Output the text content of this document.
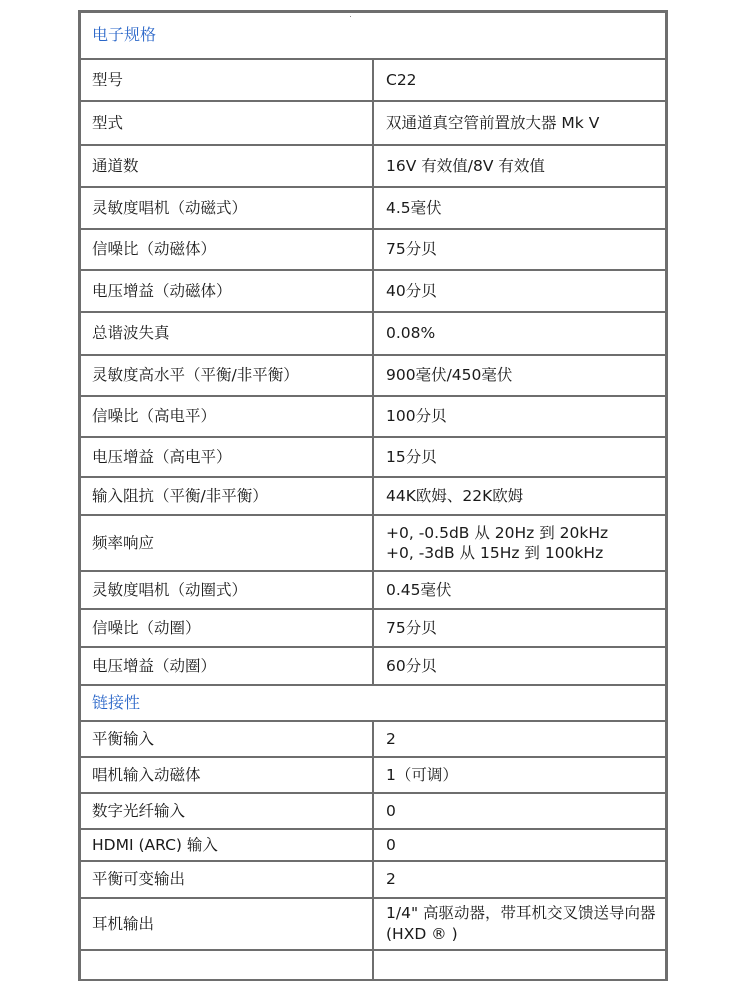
电子规格	
型号	C22
型式	双通道真空管前置放大器 Mk V
通道数	16V 有效值/8V 有效值
灵敏度唱机（动磁式）	4.5毫伏
信噪比（动磁体）	75分贝
电压增益（动磁体）	40分贝
总谐波失真	0.08%
灵敏度高水平（平衡/非平衡）	900毫伏/450毫伏
信噪比（高电平）	100分贝
电压增益（高电平）	15分贝
输入阻抗（平衡/非平衡）	44K欧姆、22K欧姆
频率响应	+0, -0.5dB 从 20Hz 到 20kHz
+0, -3dB 从 15Hz 到 100kHz

灵敏度唱机（动圈式）	0.45毫伏
信噪比（动圈）	75分贝
电压增益（动圈）	60分贝
链接性	
平衡输入	2
唱机输入动磁体	1（可调）
数字光纤输入	0
HDMI (ARC) 输入	0
平衡可变输出	2
耳机输出	1/4" 高驱动器，带耳机交叉馈送导向器 (HXD ® )
